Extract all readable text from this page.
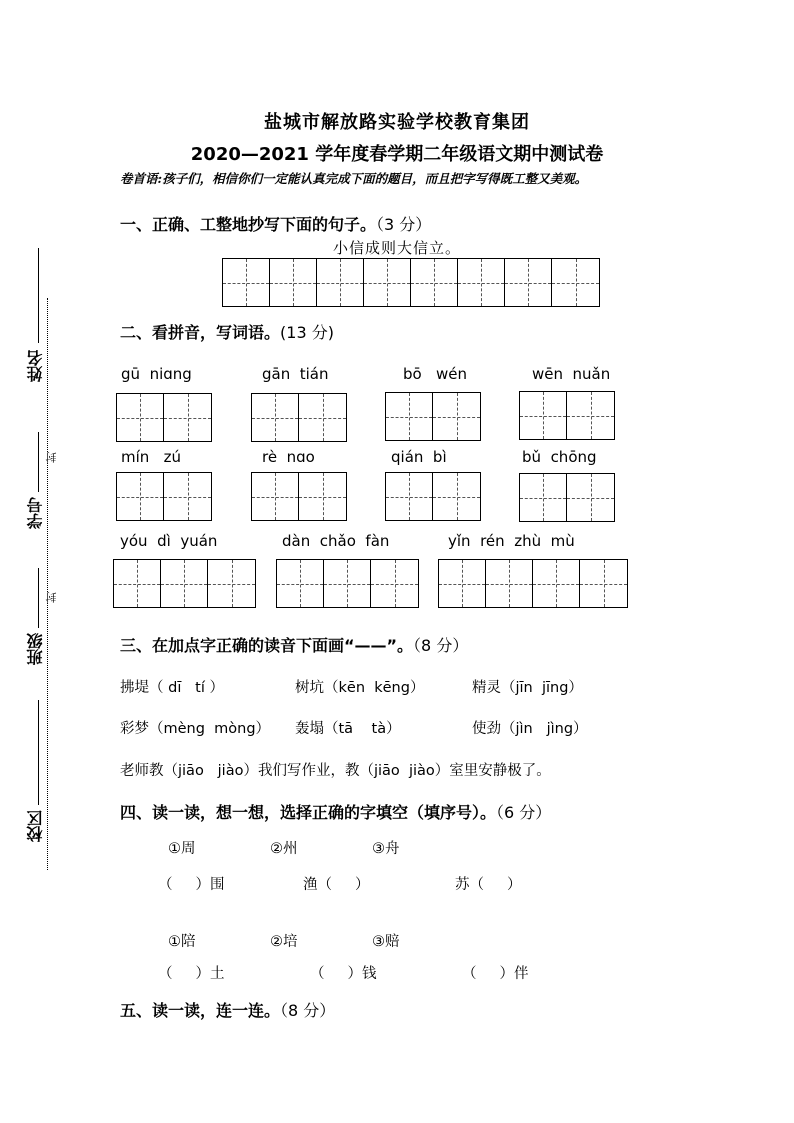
姓名
学号
班级
校区
封
封
盐城市解放路实验学校教育集团
2020—2021 学年度春学期二年级语文期中测试卷
卷首语:孩子们，相信你们一定能认真完成下面的题目，而且把字写得既工整又美观。
一、正确、工整地抄写下面的句子。（3 分）
小信成则大信立。
二、看拼音，写词语。(13 分)
gū  niɑng	gān  tián	bō   wén	wēn  nuǎn
mín   zú	rè  nɑo	qián  bì	bǔ  chōng
yóu  dì  yuán	dàn  chǎo  fàn	yǐn  rén  zhù  mù
三、在加点字正确的读音下面画“——”。（8 分）
拂堤（ dī   tí ）	树坑（kēn  kēng）	精灵（jīn  jīng）
彩梦（mèng  mòng） 轰塌（tā    tà）	使劲（jìn   jìng）
老师教（jiāo   jiào）我们写作业，教（jiāo  jiào）室里安静极了。
四、读一读，想一想，选择正确的字填空（填序号）。（6 分）
①周	②州	③舟
（     ）围	渔（     ）	苏（     ）
①陪	②培	③赔
（     ）土	（     ）钱	（     ）伴
五、读一读，连一连。（8 分）
